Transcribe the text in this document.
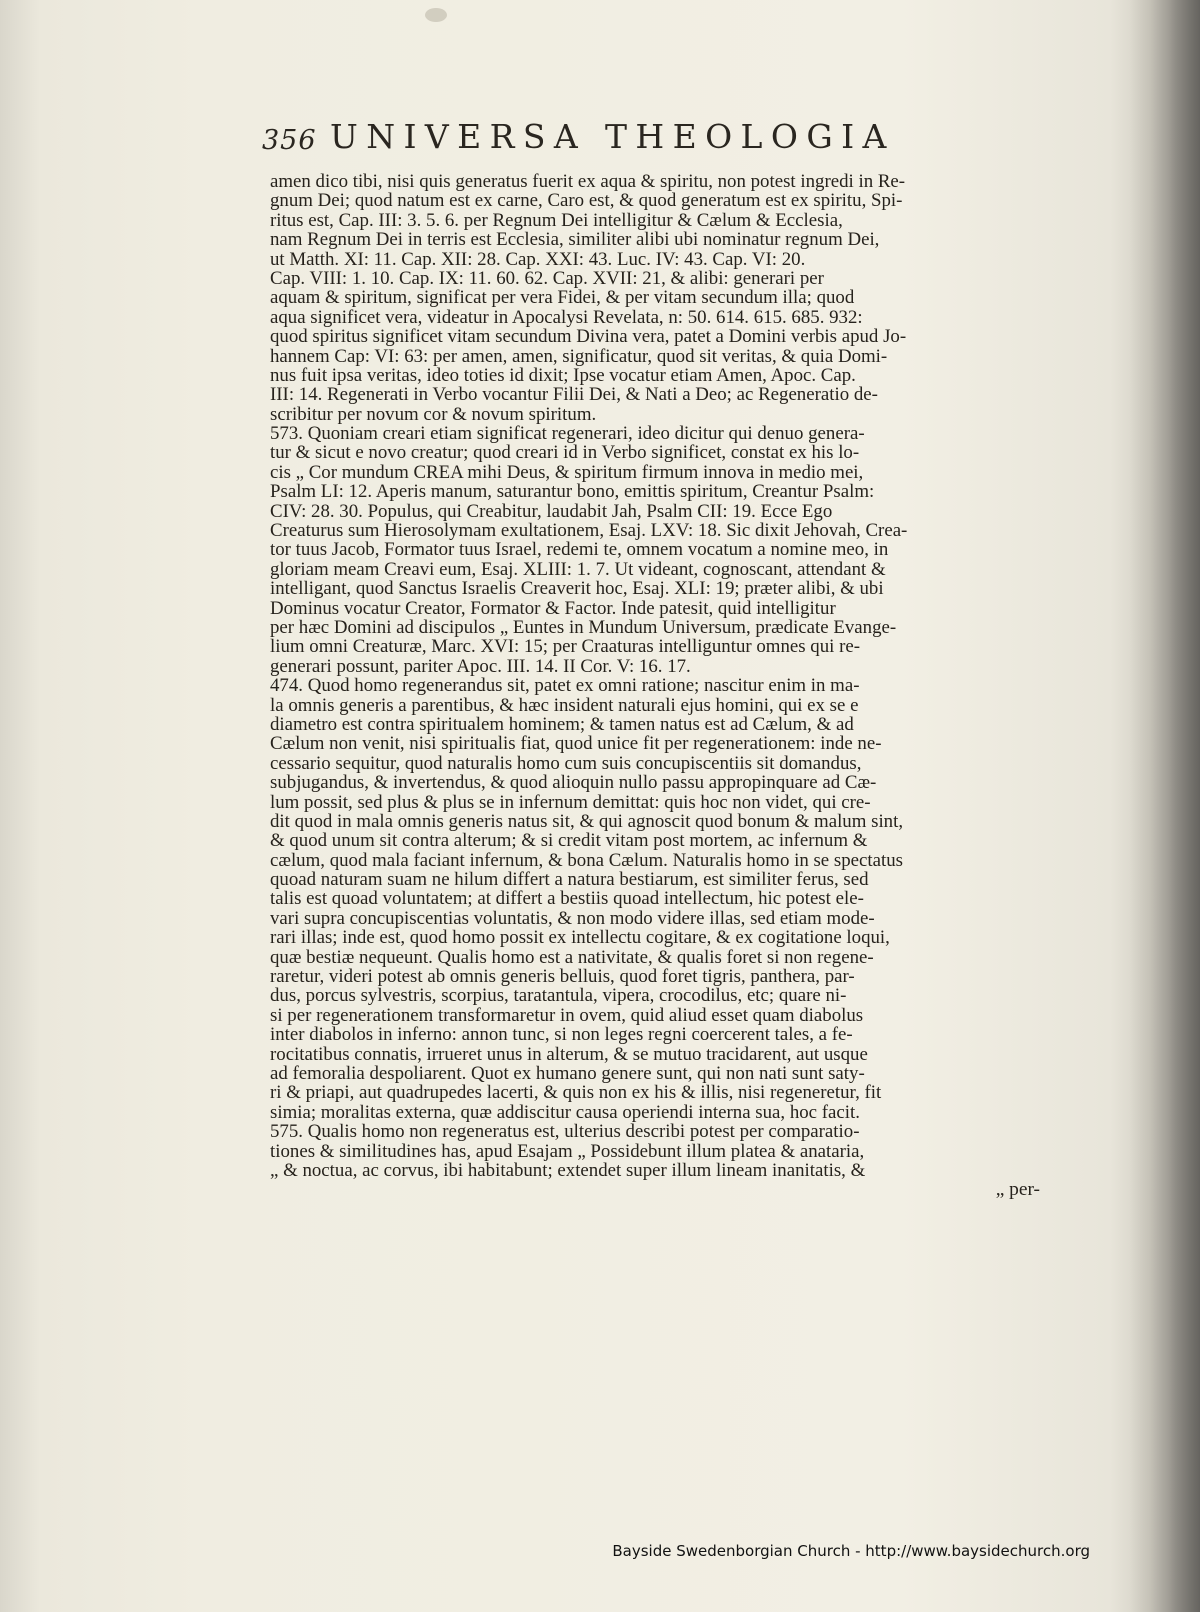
356 UNIVERSA THEOLOGIA
amen dico tibi, nisi quis generatus fuerit ex aqua & spiritu, non potest ingredi in Re-
gnum Dei; quod natum est ex carne, Caro est, & quod generatum est ex spiritu, Spi-
ritus est, Cap. III: 3. 5. 6. per Regnum Dei intelligitur & Cælum & Ecclesia,
nam Regnum Dei in terris est Ecclesia, similiter alibi ubi nominatur regnum Dei,
ut Matth. XI: 11. Cap. XII: 28. Cap. XXI: 43. Luc. IV: 43. Cap. VI: 20.
Cap. VIII: 1. 10. Cap. IX: 11. 60. 62. Cap. XVII: 21, & alibi: generari per
aquam & spiritum, significat per vera Fidei, & per vitam secundum illa; quod
aqua significet vera, videatur in Apocalysi Revelata, n: 50. 614. 615. 685. 932:
quod spiritus significet vitam secundum Divina vera, patet a Domini verbis apud Jo-
hannem Cap: VI: 63: per amen, amen, significatur, quod sit veritas, & quia Domi-
nus fuit ipsa veritas, ideo toties id dixit; Ipse vocatur etiam Amen, Apoc. Cap.
III: 14. Regenerati in Verbo vocantur Filii Dei, & Nati a Deo; ac Regeneratio de-
scribitur per novum cor & novum spiritum.
573. Quoniam creari etiam significat regenerari, ideo dicitur qui denuo genera-
tur & sicut e novo creatur; quod creari id in Verbo significet, constat ex his lo-
cis „ Cor mundum CREA mihi Deus, & spiritum firmum innova in medio mei,
Psalm LI: 12. Aperis manum, saturantur bono, emittis spiritum, Creantur Psalm:
CIV: 28. 30. Populus, qui Creabitur, laudabit Jah, Psalm CII: 19. Ecce Ego
Creaturus sum Hierosolymam exultationem, Esaj. LXV: 18. Sic dixit Jehovah, Crea-
tor tuus Jacob, Formator tuus Israel, redemi te, omnem vocatum a nomine meo, in
gloriam meam Creavi eum, Esaj. XLIII: 1. 7. Ut videant, cognoscant, attendant &
intelligant, quod Sanctus Israelis Creaverit hoc, Esaj. XLI: 19; præter alibi, & ubi
Dominus vocatur Creator, Formator & Factor. Inde patesit, quid intelligitur
per hæc Domini ad discipulos „ Euntes in Mundum Universum, prædicate Evange-
lium omni Creaturæ, Marc. XVI: 15; per Craaturas intelliguntur omnes qui re-
generari possunt, pariter Apoc. III. 14. II Cor. V: 16. 17.
474. Quod homo regenerandus sit, patet ex omni ratione; nascitur enim in ma-
la omnis generis a parentibus, & hæc insident naturali ejus homini, qui ex se e
diametro est contra spiritualem hominem; & tamen natus est ad Cælum, & ad
Cælum non venit, nisi spiritualis fiat, quod unice fit per regenerationem: inde ne-
cessario sequitur, quod naturalis homo cum suis concupiscentiis sit domandus,
subjugandus, & invertendus, & quod alioquin nullo passu appropinquare ad Cæ-
lum possit, sed plus & plus se in infernum demittat: quis hoc non videt, qui cre-
dit quod in mala omnis generis natus sit, & qui agnoscit quod bonum & malum sint,
& quod unum sit contra alterum; & si credit vitam post mortem, ac infernum &
cælum, quod mala faciant infernum, & bona Cælum. Naturalis homo in se spectatus
quoad naturam suam ne hilum differt a natura bestiarum, est similiter ferus, sed
talis est quoad voluntatem; at differt a bestiis quoad intellectum, hic potest ele-
vari supra concupiscentias voluntatis, & non modo videre illas, sed etiam mode-
rari illas; inde est, quod homo possit ex intellectu cogitare, & ex cogitatione loqui,
quæ bestiæ nequeunt. Qualis homo est a nativitate, & qualis foret si non regene-
raretur, videri potest ab omnis generis belluis, quod foret tigris, panthera, par-
dus, porcus sylvestris, scorpius, taratantula, vipera, crocodilus, etc; quare ni-
si per regenerationem transformaretur in ovem, quid aliud esset quam diabolus
inter diabolos in inferno: annon tunc, si non leges regni coercerent tales, a fe-
rocitatibus connatis, irrueret unus in alterum, & se mutuo tracidarent, aut usque
ad femoralia despoliarent. Quot ex humano genere sunt, qui non nati sunt saty-
ri & priapi, aut quadrupedes lacerti, & quis non ex his & illis, nisi regeneretur, fit
simia; moralitas externa, quæ addiscitur causa operiendi interna sua, hoc facit.
575. Qualis homo non regeneratus est, ulterius describi potest per comparatio-
tiones & similitudines has, apud Esajam „ Possidebunt illum platea & anataria,
„ & noctua, ac corvus, ibi habitabunt; extendet super illum lineam inanitatis, &
„ per-
Bayside Swedenborgian Church - http://www.baysidechurch.org
